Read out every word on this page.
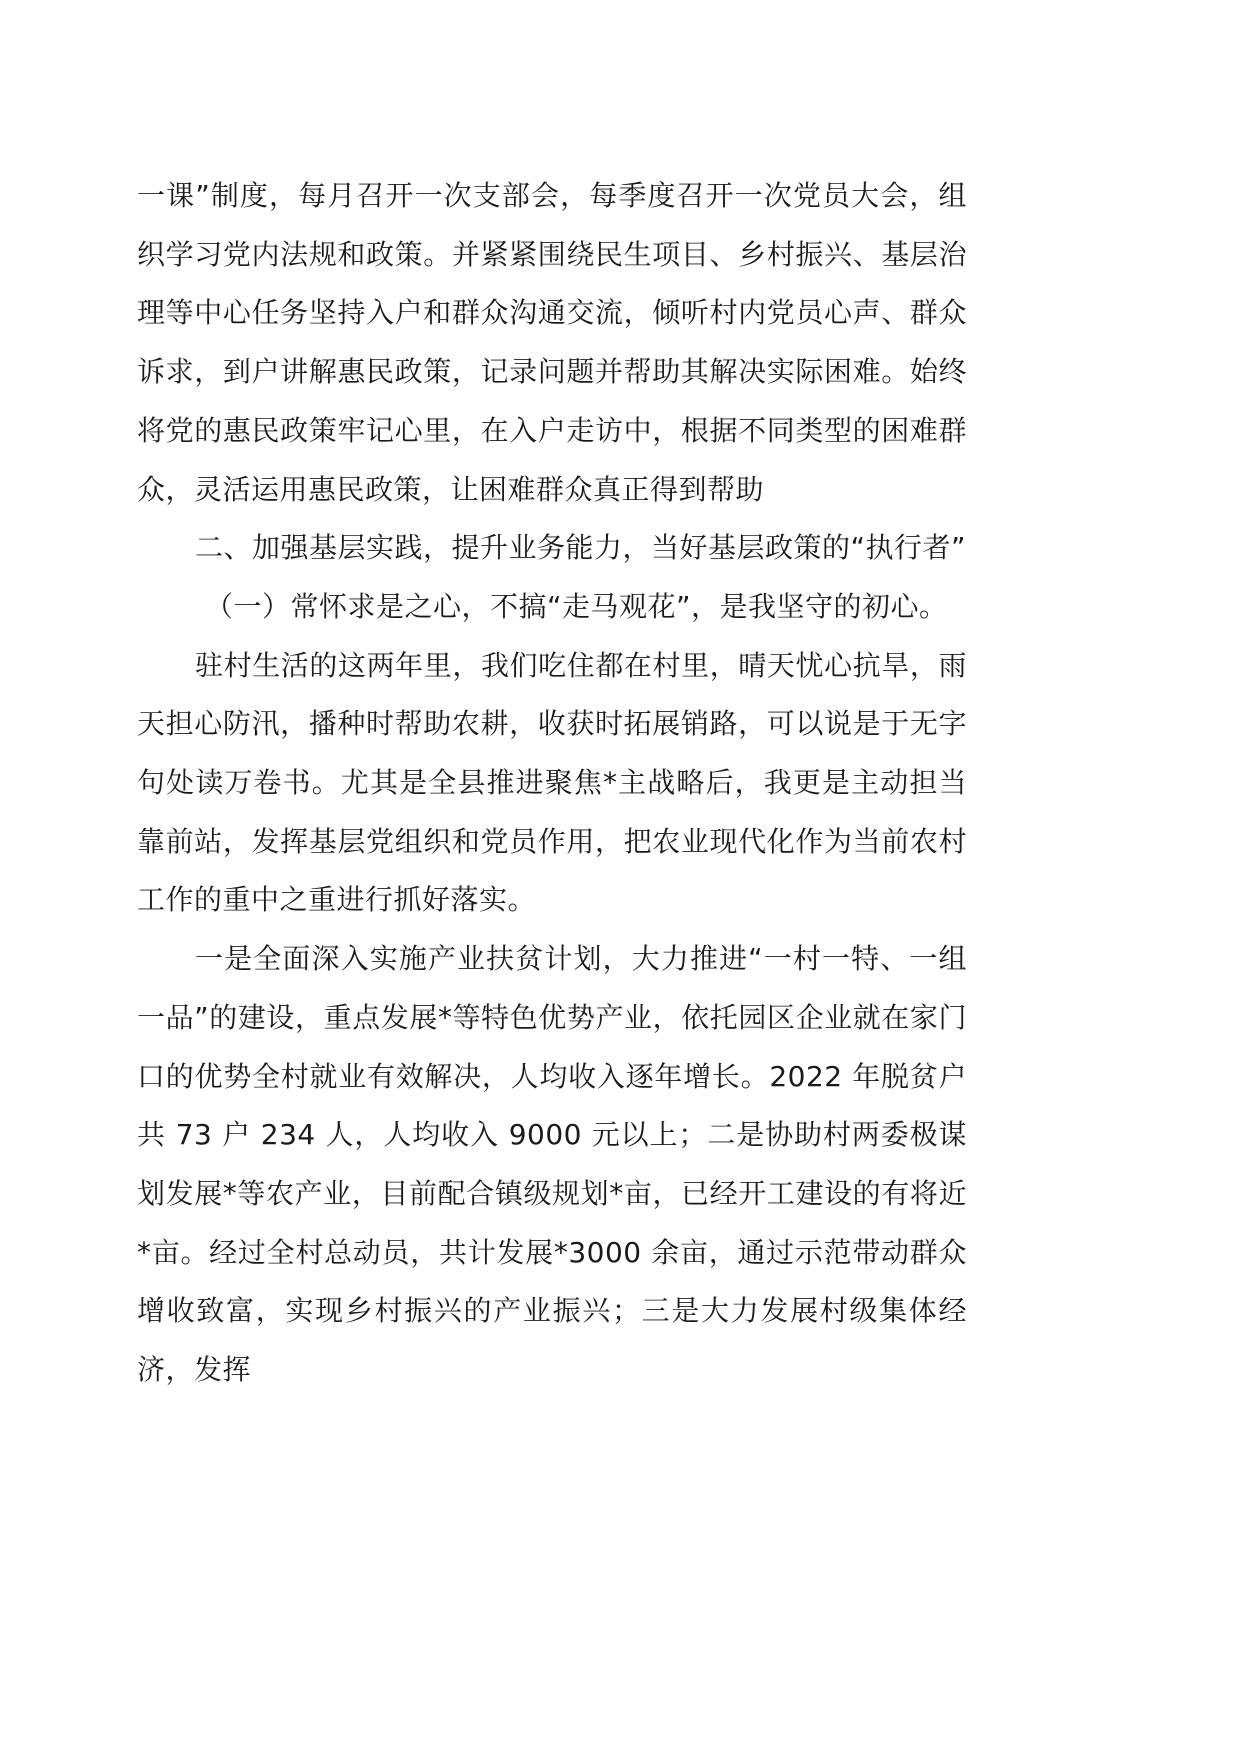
一课”制度，每月召开一次支部会，每季度召开一次党员大会，组织学习党内法规和政策。并紧紧围绕民生项目、乡村振兴、基层治理等中心任务坚持入户和群众沟通交流，倾听村内党员心声、群众诉求，到户讲解惠民政策，记录问题并帮助其解决实际困难。始终将党的惠民政策牢记心里，在入户走访中，根据不同类型的困难群众，灵活运用惠民政策，让困难群众真正得到帮助

二、加强基层实践，提升业务能力，当好基层政策的“执行者”

（一）常怀求是之心，不搞“走马观花”，是我坚守的初心。

驻村生活的这两年里，我们吃住都在村里，晴天忧心抗旱，雨天担心防汛，播种时帮助农耕，收获时拓展销路，可以说是于无字句处读万卷书。尤其是全县推进聚焦*主战略后，我更是主动担当靠前站，发挥基层党组织和党员作用，把农业现代化作为当前农村工作的重中之重进行抓好落实。

一是全面深入实施产业扶贫计划，大力推进“一村一特、一组一品”的建设，重点发展*等特色优势产业，依托园区企业就在家门口的优势全村就业有效解决，人均收入逐年增长。2022 年脱贫户共 73 户 234 人，人均收入 9000 元以上；二是协助村两委极谋划发展*等农产业，目前配合镇级规划*亩，已经开工建设的有将近*亩。经过全村总动员，共计发展*3000 余亩，通过示范带动群众增收致富，实现乡村振兴的产业振兴；三是大力发展村级集体经济，发挥
